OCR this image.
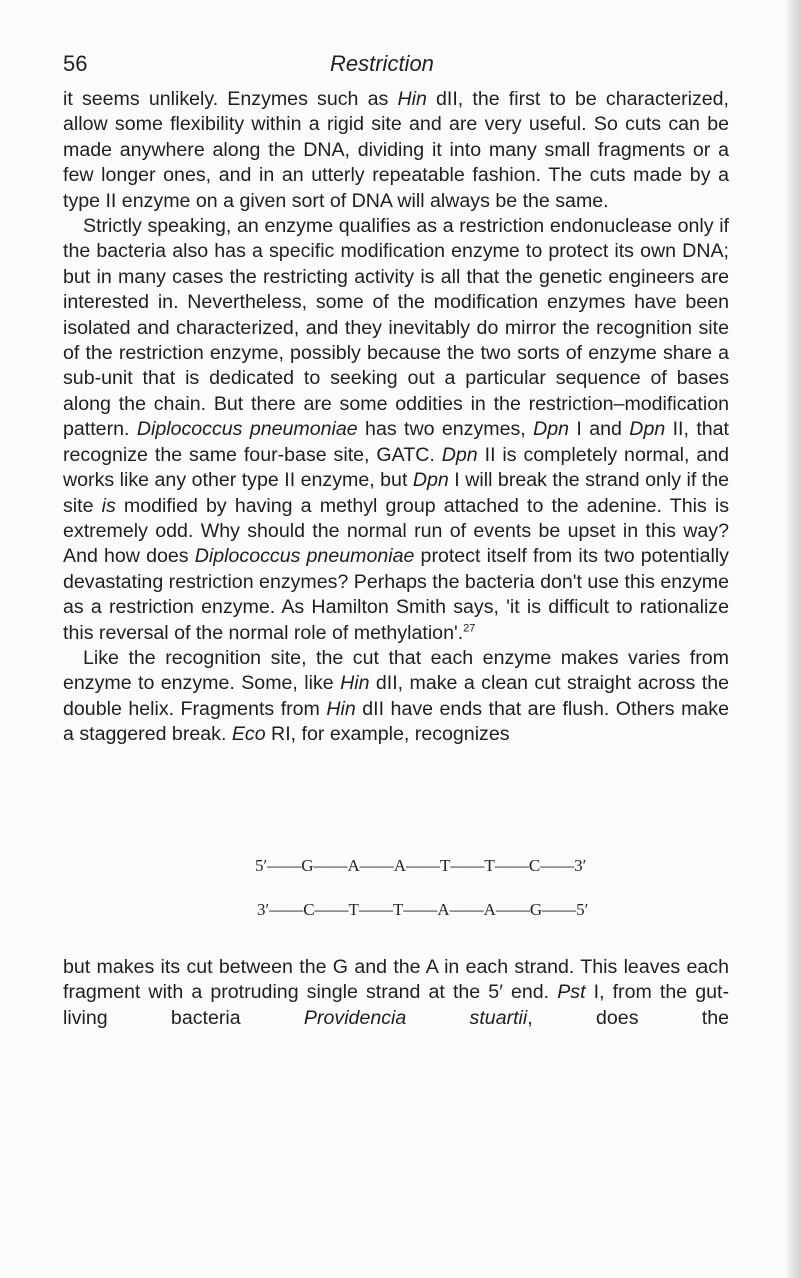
56	Restriction

it seems unlikely. Enzymes such as Hin dII, the first to be characterized, allow some flexibility within a rigid site and are very useful. So cuts can be made anywhere along the DNA, dividing it into many small fragments or a few longer ones, and in an utterly repeatable fashion. The cuts made by a type II enzyme on a given sort of DNA will always be the same.

Strictly speaking, an enzyme qualifies as a restriction endonuclease only if the bacteria also has a specific modification enzyme to protect its own DNA; but in many cases the restricting activity is all that the genetic engineers are interested in. Nevertheless, some of the modification enzymes have been isolated and characterized, and they inevitably do mirror the recognition site of the restriction enzyme, possibly because the two sorts of enzyme share a sub-unit that is dedicated to seeking out a particular sequence of bases along the chain. But there are some oddities in the restriction–modification pattern. Diplococcus pneumoniae has two enzymes, Dpn I and Dpn II, that recognize the same four-base site, GATC. Dpn II is completely normal, and works like any other type II enzyme, but Dpn I will break the strand only if the site is modified by having a methyl group attached to the adenine. This is extremely odd. Why should the normal run of events be upset in this way? And how does Diplococcus pneumoniae protect itself from its two potentially devastating restriction enzymes? Perhaps the bacteria don't use this enzyme as a restriction enzyme. As Hamilton Smith says, 'it is difficult to rationalize this reversal of the normal role of methylation'.$^{27}$

Like the recognition site, the cut that each enzyme makes varies from enzyme to enzyme. Some, like Hin dII, make a clean cut straight across the double helix. Fragments from Hin dII have ends that are flush. Others make a staggered break. Eco RI, for example, recognizes

5′——G——A——A——T——T——C——3′
3′——C——T——T——A——A——G——5′

but makes its cut between the G and the A in each strand. This leaves each fragment with a protruding single strand at the 5′ end. Pst I, from the gut-living bacteria Providencia stuartii, does the
